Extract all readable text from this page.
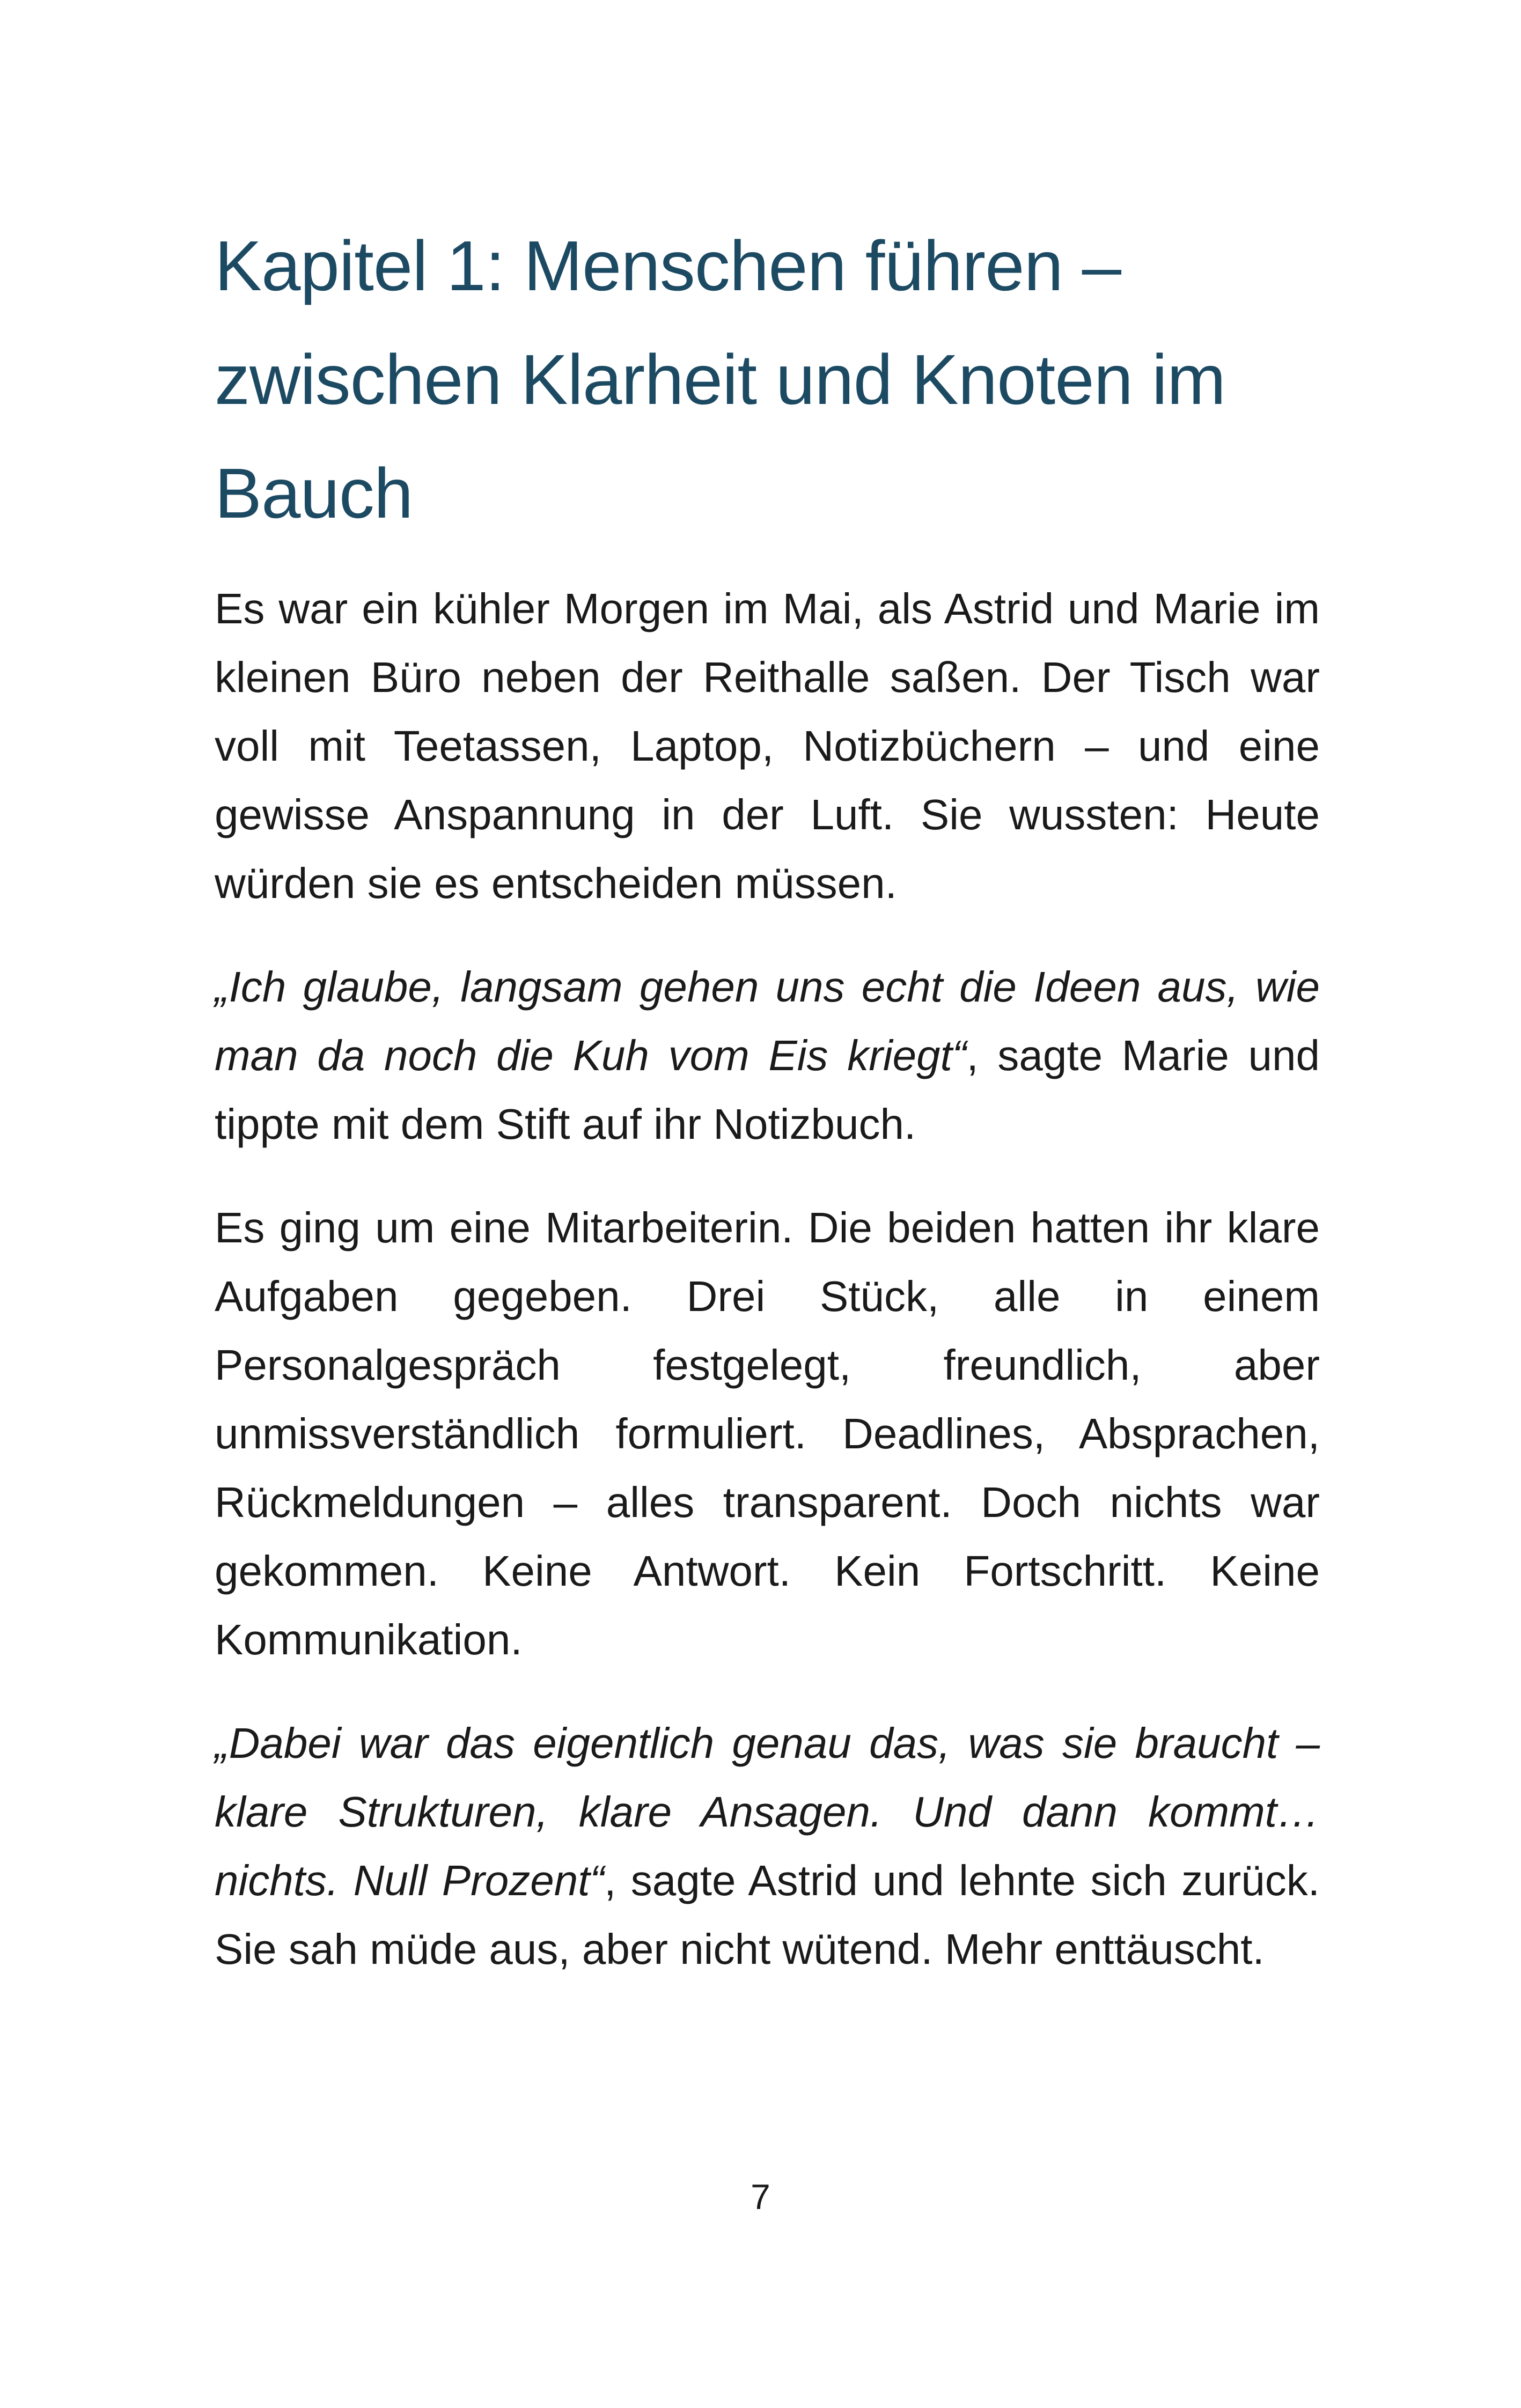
Kapitel 1: Menschen führen – zwischen Klarheit und Knoten im Bauch

Es war ein kühler Morgen im Mai, als Astrid und Marie im kleinen Büro neben der Reithalle saßen. Der Tisch war voll mit Teetassen, Laptop, Notizbüchern – und eine gewisse Anspannung in der Luft. Sie wussten: Heute würden sie es entscheiden müssen.

„Ich glaube, langsam gehen uns echt die Ideen aus, wie man da noch die Kuh vom Eis kriegt“, sagte Marie und tippte mit dem Stift auf ihr Notizbuch.

Es ging um eine Mitarbeiterin. Die beiden hatten ihr klare Aufgaben gegeben. Drei Stück, alle in einem Personalgespräch festgelegt, freundlich, aber unmissverständlich formuliert. Deadlines, Absprachen, Rückmeldungen – alles transparent. Doch nichts war gekommen. Keine Antwort. Kein Fortschritt. Keine Kommunikation.

„Dabei war das eigentlich genau das, was sie braucht – klare Strukturen, klare Ansagen. Und dann kommt… nichts. Null Prozent“, sagte Astrid und lehnte sich zurück. Sie sah müde aus, aber nicht wütend. Mehr enttäuscht.

7
